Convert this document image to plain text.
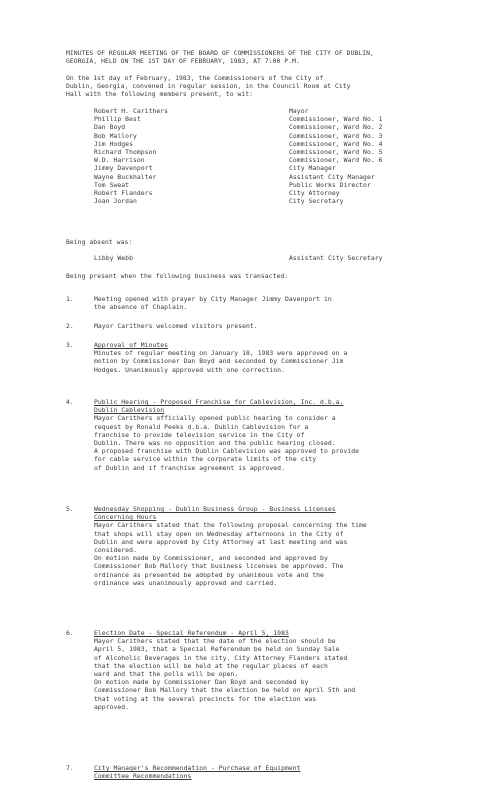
MINUTES OF REGULAR MEETING OF THE BOARD OF COMMISSIONERS OF THE CITY OF DUBLIN,
GEORGIA, HELD ON THE 1ST DAY OF FEBRUARY, 1983, AT 7:00 P.M.
On the 1st day of February, 1983, the Commissioners of the City of
Dublin, Georgia, convened in regular session, in the Council Room at City
Hall with the following members present, to wit:
Robert H. Carithers	Mayor
Phillip Best	Commissioner, Ward No. 1
Dan Boyd	Commissioner, Ward No. 2
Bob Mallory	Commissioner, Ward No. 3
Jim Hodges	Commissioner, Ward No. 4
Richard Thompson	Commissioner, Ward No. 5
W.D. Harrison	Commissioner, Ward No. 6
Jimmy Davenport	City Manager
Wayne Buckhalter	Assistant City Manager
Tom Sweat	Public Works Director
Robert Flanders	City Attorney
Joan Jordan	City Secretary
Being absent was:
Libby Webb	Assistant City Secretary
Being present when the following business was transacted:
1.	Meeting opened with prayer by City Manager Jimmy Davenport in
the absence of Chaplain.
2.	Mayor Carithers welcomed visitors present.
3.	Approval of Minutes
Minutes of regular meeting on January 18, 1983 were approved on a
motion by Commissioner Dan Boyd and seconded by Commissioner Jim
Hodges. Unanimously approved with one correction.
4.	Public Hearing - Proposed Franchise for Cablevision, Inc. d.b.a.
Dublin Cablevision
Mayor Carithers officially opened public hearing to consider a
request by Ronald Peeks d.b.a. Dublin Cablevision for a
franchise to provide television service in the City of
Dublin. There was no opposition and the public hearing closed.
A proposed franchise with Dublin Cablevision was approved to provide
for cable service within the corporate limits of the city
of Dublin and if franchise agreement is approved.
5.	Wednesday Shopping - Dublin Business Group - Business Licenses
Concerning Hours
Mayor Carithers stated that the following proposal concerning the time
that shops will stay open on Wednesday afternoons in the City of
Dublin and were approved by City Attorney at last meeting and was
considered.
On motion made by Commissioner, and seconded and approved by
Commissioner Bob Mallory that business licenses be approved. The
ordinance as presented be adopted by unanimous vote and the
ordinance was unanimously approved and carried.
6.	Election Date - Special Referendum - April 5, 1983
Mayor Carithers stated that the date of the election should be
April 5, 1983, that a Special Referendum be held on Sunday Sale
of Alcoholic Beverages in the city. City Attorney Flanders stated
that the election will be held at the regular places of each
ward and that the polls will be open.
On motion made by Commissioner Dan Boyd and seconded by
Commissioner Bob Mallory that the election be held on April 5th and
that voting at the several precincts for the election was
approved.
7.	City Manager's Recommendation - Purchase of Equipment
Committee Recommendations
